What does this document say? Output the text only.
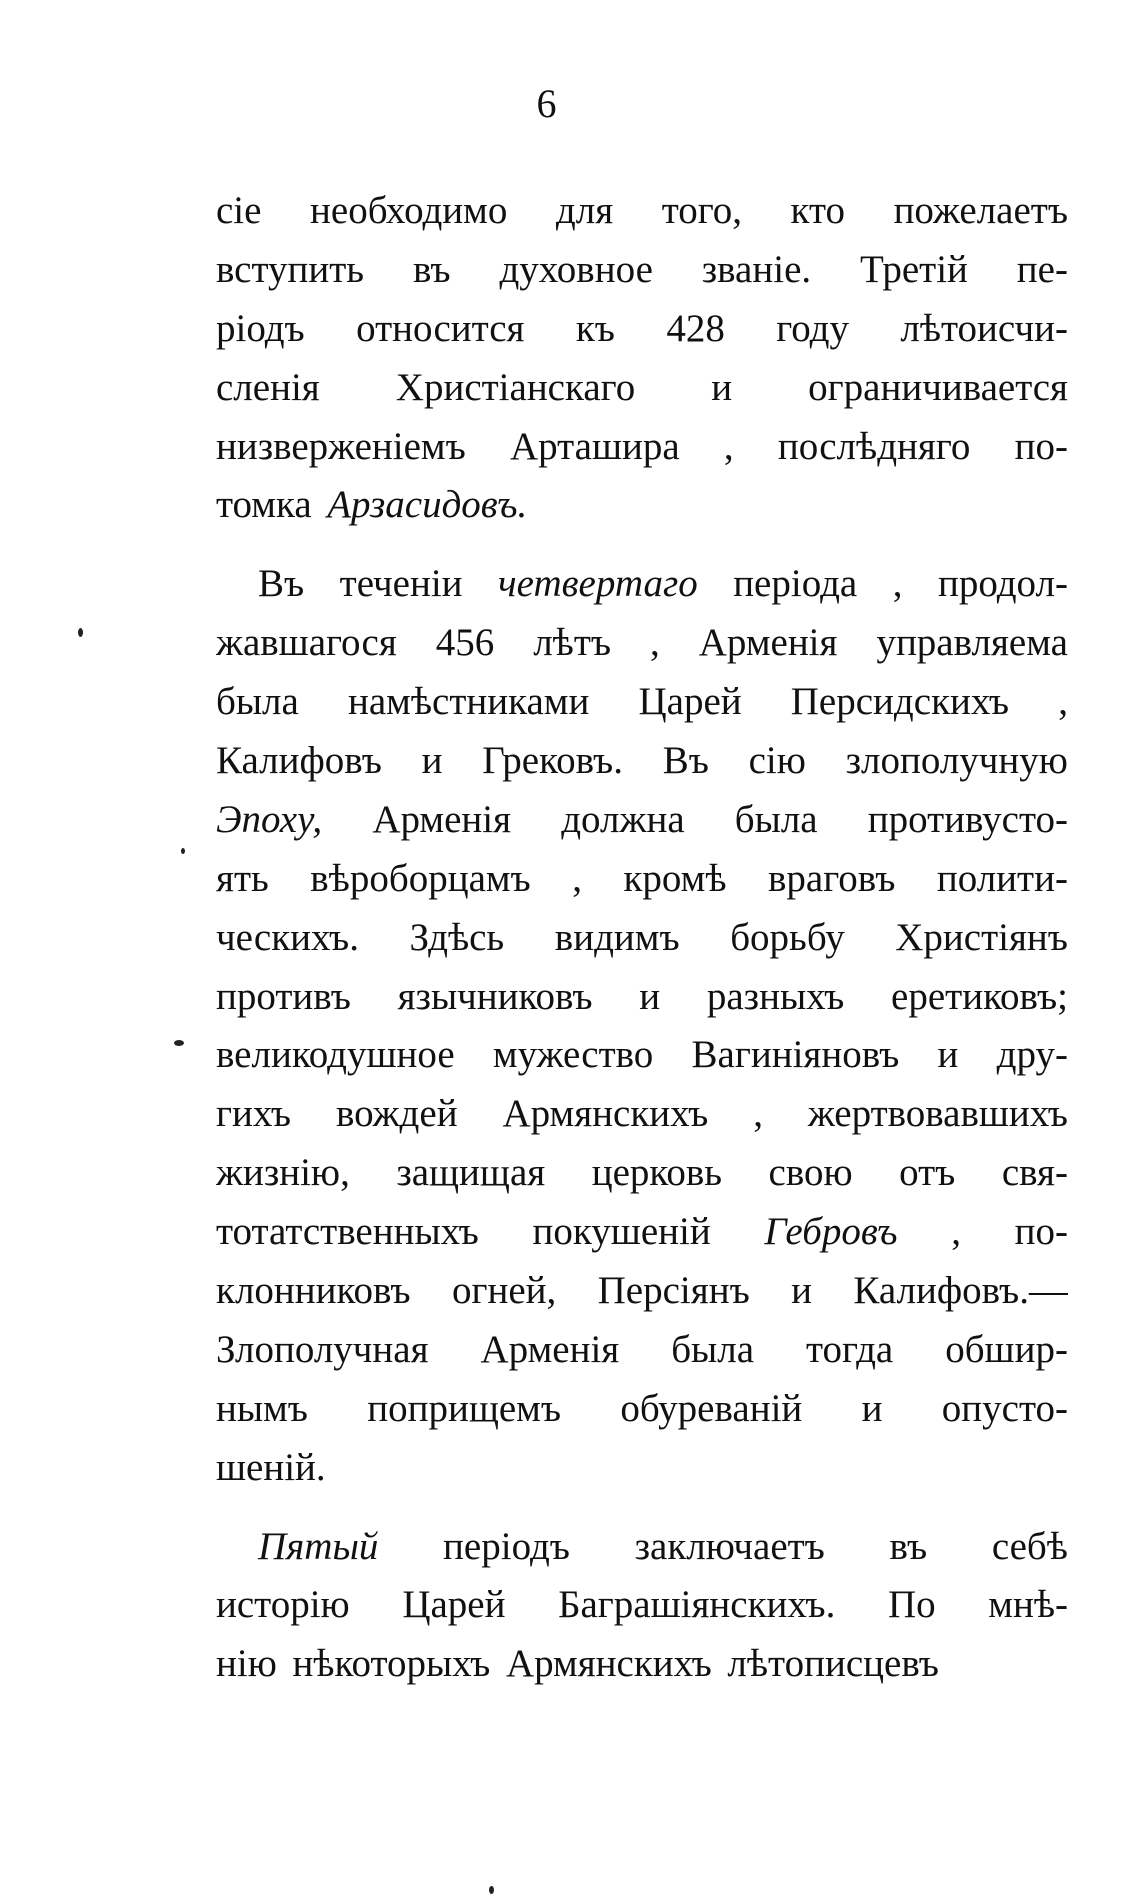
6
сіе необходимо для того, кто пожелаетъ
вступить въ духовное званіе. Третій пе-
ріодъ относится къ 428 году лѣтоисчи-
сленія Христіанскаго и ограничивается
низверженіемъ Арташира , послѣдняго по-
томка Арзасидовъ.
Въ теченіи четвертаго періода , продол-
жавшагося 456 лѣтъ , Арменія управляема
была намѣстниками Царей Персидскихъ ,
Калифовъ и Грековъ. Въ сію злополучную
Эпоху, Арменія должна была противусто-
ять вѣроборцамъ , кромѣ враговъ полити-
ческихъ. Здѣсь видимъ борьбу Христіянъ
противъ язычниковъ и разныхъ еретиковъ;
великодушное мужество Вагиніяновъ и дру-
гихъ вождей Армянскихъ , жертвовавшихъ
жизнію, защищая церковь свою отъ свя-
тотатственныхъ покушеній Гебровъ , по-
клонниковъ огней, Персіянъ и Калифовъ.—
Злополучная Арменія была тогда обшир-
нымъ поприщемъ обуреваній и опусто-
шеній.
Пятый періодъ заключаетъ въ себѣ
исторію Царей Баграшіянскихъ. По мнѣ-
нію нѣкоторыхъ Армянскихъ лѣтописцевъ
